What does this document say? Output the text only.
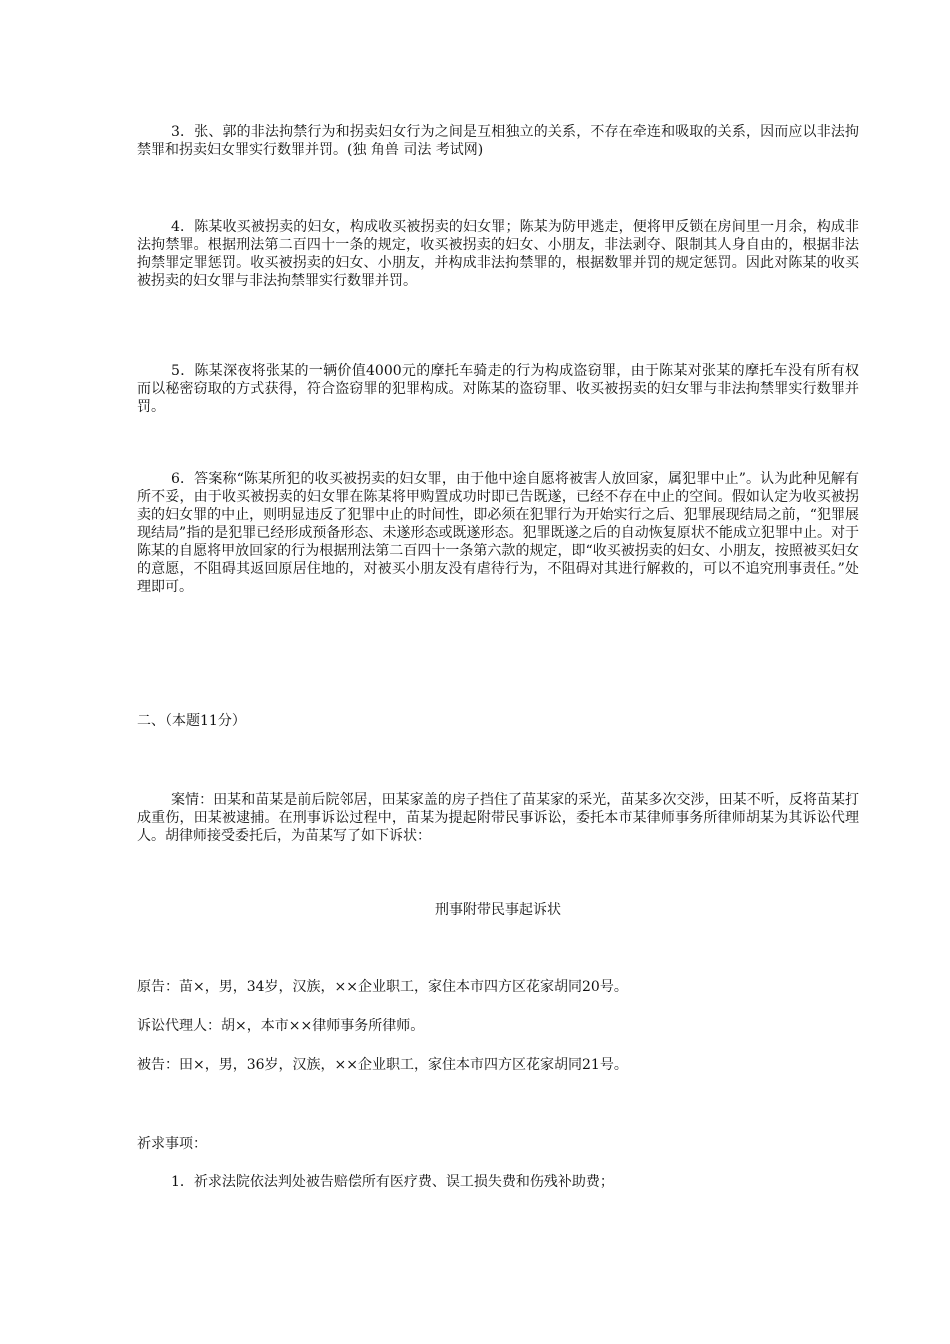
3．张、郭的非法拘禁行为和拐卖妇女行为之间是互相独立的关系，不存在牵连和吸取的关系，因而应以非法拘禁罪和拐卖妇女罪实行数罪并罚。(独 角兽 司法 考试网)

4．陈某收买被拐卖的妇女，构成收买被拐卖的妇女罪；陈某为防甲逃走，便将甲反锁在房间里一月余，构成非法拘禁罪。根据刑法第二百四十一条的规定，收买被拐卖的妇女、小朋友，非法剥夺、限制其人身自由的，根据非法拘禁罪定罪惩罚。收买被拐卖的妇女、小朋友，并构成非法拘禁罪的，根据数罪并罚的规定惩罚。因此对陈某的收买被拐卖的妇女罪与非法拘禁罪实行数罪并罚。

5．陈某深夜将张某的一辆价值4000元的摩托车骑走的行为构成盗窃罪，由于陈某对张某的摩托车没有所有权而以秘密窃取的方式获得，符合盗窃罪的犯罪构成。对陈某的盗窃罪、收买被拐卖的妇女罪与非法拘禁罪实行数罪并罚。

6．答案称“陈某所犯的收买被拐卖的妇女罪，由于他中途自愿将被害人放回家，属犯罪中止”。认为此种见解有所不妥，由于收买被拐卖的妇女罪在陈某将甲购置成功时即已告既遂，已经不存在中止的空间。假如认定为收买被拐卖的妇女罪的中止，则明显违反了犯罪中止的时间性，即必须在犯罪行为开始实行之后、犯罪展现结局之前，“犯罪展现结局”指的是犯罪已经形成预备形态、未遂形态或既遂形态。犯罪既遂之后的自动恢复原状不能成立犯罪中止。对于陈某的自愿将甲放回家的行为根据刑法第二百四十一条第六款的规定，即“收买被拐卖的妇女、小朋友，按照被买妇女的意愿，不阻碍其返回原居住地的，对被买小朋友没有虐待行为，不阻碍对其进行解救的，可以不追究刑事责任。”处理即可。

二、（本题11分）

案情：田某和苗某是前后院邻居，田某家盖的房子挡住了苗某家的采光，苗某多次交涉，田某不听，反将苗某打成重伤，田某被逮捕。在刑事诉讼过程中，苗某为提起附带民事诉讼，委托本市某律师事务所律师胡某为其诉讼代理人。胡律师接受委托后，为苗某写了如下诉状：

刑事附带民事起诉状

原告：苗×，男，34岁，汉族，××企业职工，家住本市四方区花家胡同20号。

诉讼代理人：胡×，本市××律师事务所律师。

被告：田×，男，36岁，汉族，××企业职工，家住本市四方区花家胡同21号。

祈求事项：

1．祈求法院依法判处被告赔偿所有医疗费、误工损失费和伤残补助费；
